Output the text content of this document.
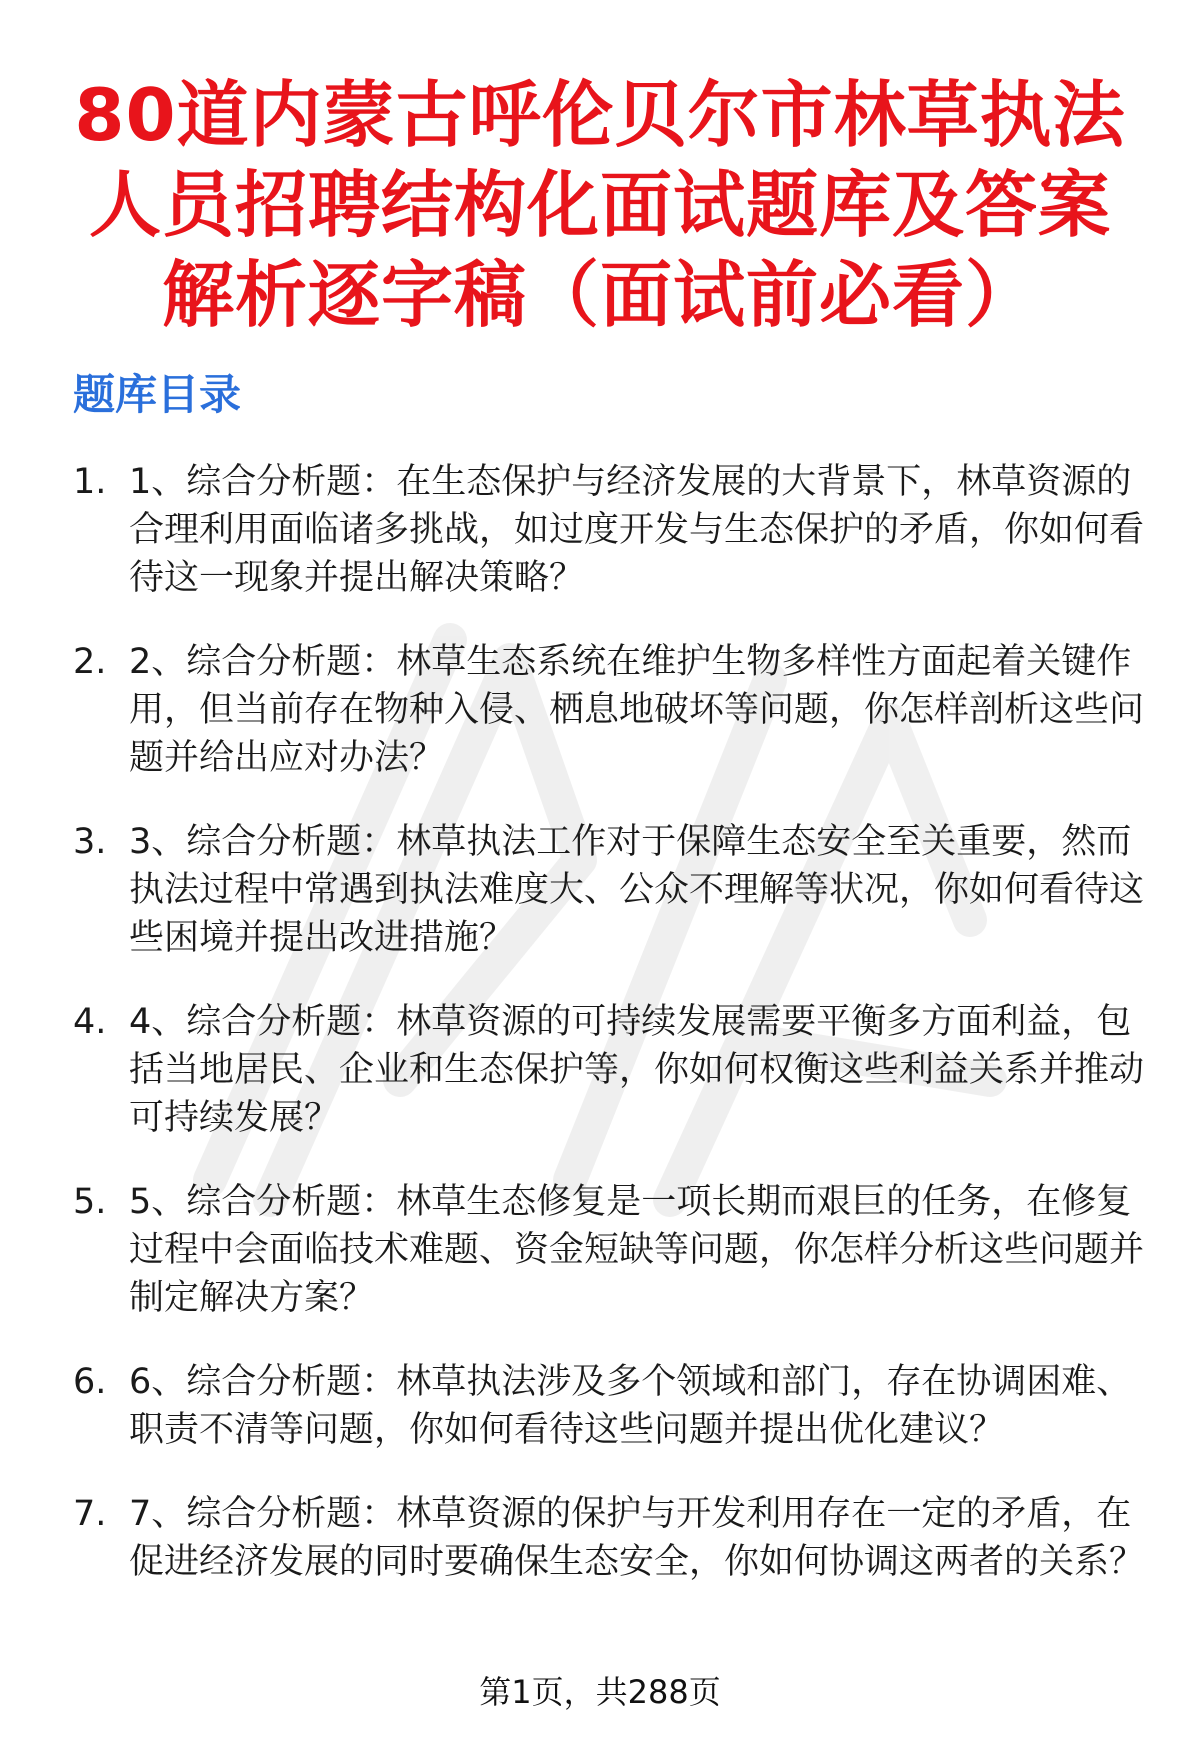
80道内蒙古呼伦贝尔市林草执法人员招聘结构化面试题库及答案解析逐字稿（面试前必看）
题库目录
1. 1、综合分析题：在生态保护与经济发展的大背景下，林草资源的合理利用面临诸多挑战，如过度开发与生态保护的矛盾，你如何看待这一现象并提出解决策略？
2. 2、综合分析题：林草生态系统在维护生物多样性方面起着关键作用，但当前存在物种入侵、栖息地破坏等问题，你怎样剖析这些问题并给出应对办法？
3. 3、综合分析题：林草执法工作对于保障生态安全至关重要，然而执法过程中常遇到执法难度大、公众不理解等状况，你如何看待这些困境并提出改进措施？
4. 4、综合分析题：林草资源的可持续发展需要平衡多方面利益，包括当地居民、企业和生态保护等，你如何权衡这些利益关系并推动可持续发展？
5. 5、综合分析题：林草生态修复是一项长期而艰巨的任务，在修复过程中会面临技术难题、资金短缺等问题，你怎样分析这些问题并制定解决方案？
6. 6、综合分析题：林草执法涉及多个领域和部门，存在协调困难、职责不清等问题，你如何看待这些问题并提出优化建议？
7. 7、综合分析题：林草资源的保护与开发利用存在一定的矛盾，在促进经济发展的同时要确保生态安全，你如何协调这两者的关系？
第1页，共288页
